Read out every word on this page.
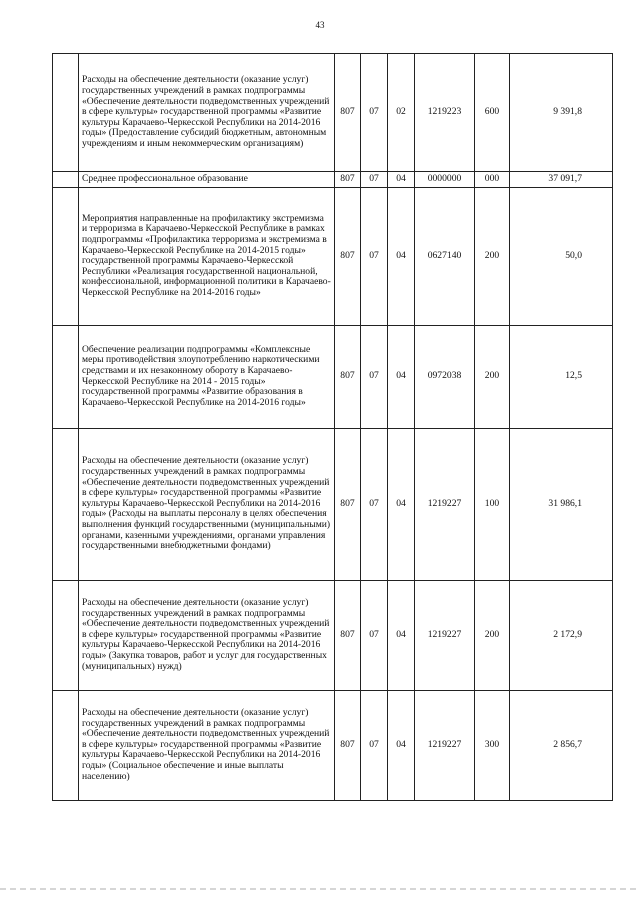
43
	Расходы на обеспечение деятельности (оказание услуг) государственных учреждений в рамках подпрограммы «Обеспечение деятельности подведомственных учреждений в сфере культуры» государственной программы «Развитие культуры Карачаево-Черкесской Республики на 2014-2016 годы» (Предоставление субсидий бюджетным, автономным учреждениям и иным некоммерческим организациям)	807	07	02	1219223	600	9 391,8
	Среднее профессиональное образование	807	07	04	0000000	000	37 091,7
	Мероприятия направленные на профилактику экстремизма и терроризма в Карачаево-Черкесской Республике в рамках подпрограммы «Профилактика терроризма и экстремизма в Карачаево-Черкесской Республике на 2014-2015 годы» государственной программы Карачаево-Черкесской Республики «Реализация государственной национальной, конфессиональной, информационной политики в Карачаево-Черкесской Республике на 2014-2016 годы»	807	07	04	0627140	200	50,0
	Обеспечение реализации подпрограммы «Комплексные меры противодействия злоупотреблению наркотическими средствами и их незаконному обороту в Карачаево-Черкесской Республике на 2014 - 2015 годы» государственной программы «Развитие образования в Карачаево-Черкесской Республике на 2014-2016 годы»	807	07	04	0972038	200	12,5
	Расходы на обеспечение деятельности (оказание услуг) государственных учреждений в рамках подпрограммы «Обеспечение деятельности подведомственных учреждений в сфере культуры» государственной программы «Развитие культуры Карачаево-Черкесской Республики на 2014-2016 годы» (Расходы на выплаты персоналу в целях обеспечения выполнения функций государственными (муниципальными) органами, казенными учреждениями, органами управления государственными внебюджетными фондами)	807	07	04	1219227	100	31 986,1
	Расходы на обеспечение деятельности (оказание услуг) государственных учреждений в рамках подпрограммы «Обеспечение деятельности подведомственных учреждений в сфере культуры» государственной программы «Развитие культуры Карачаево-Черкесской Республики на 2014-2016 годы» (Закупка товаров, работ и услуг для государственных (муниципальных) нужд)	807	07	04	1219227	200	2 172,9
	Расходы на обеспечение деятельности (оказание услуг) государственных учреждений в рамках подпрограммы «Обеспечение деятельности подведомственных учреждений в сфере культуры» государственной программы «Развитие культуры Карачаево-Черкесской Республики на 2014-2016 годы» (Социальное обеспечение и иные выплаты населению)	807	07	04	1219227	300	2 856,7
